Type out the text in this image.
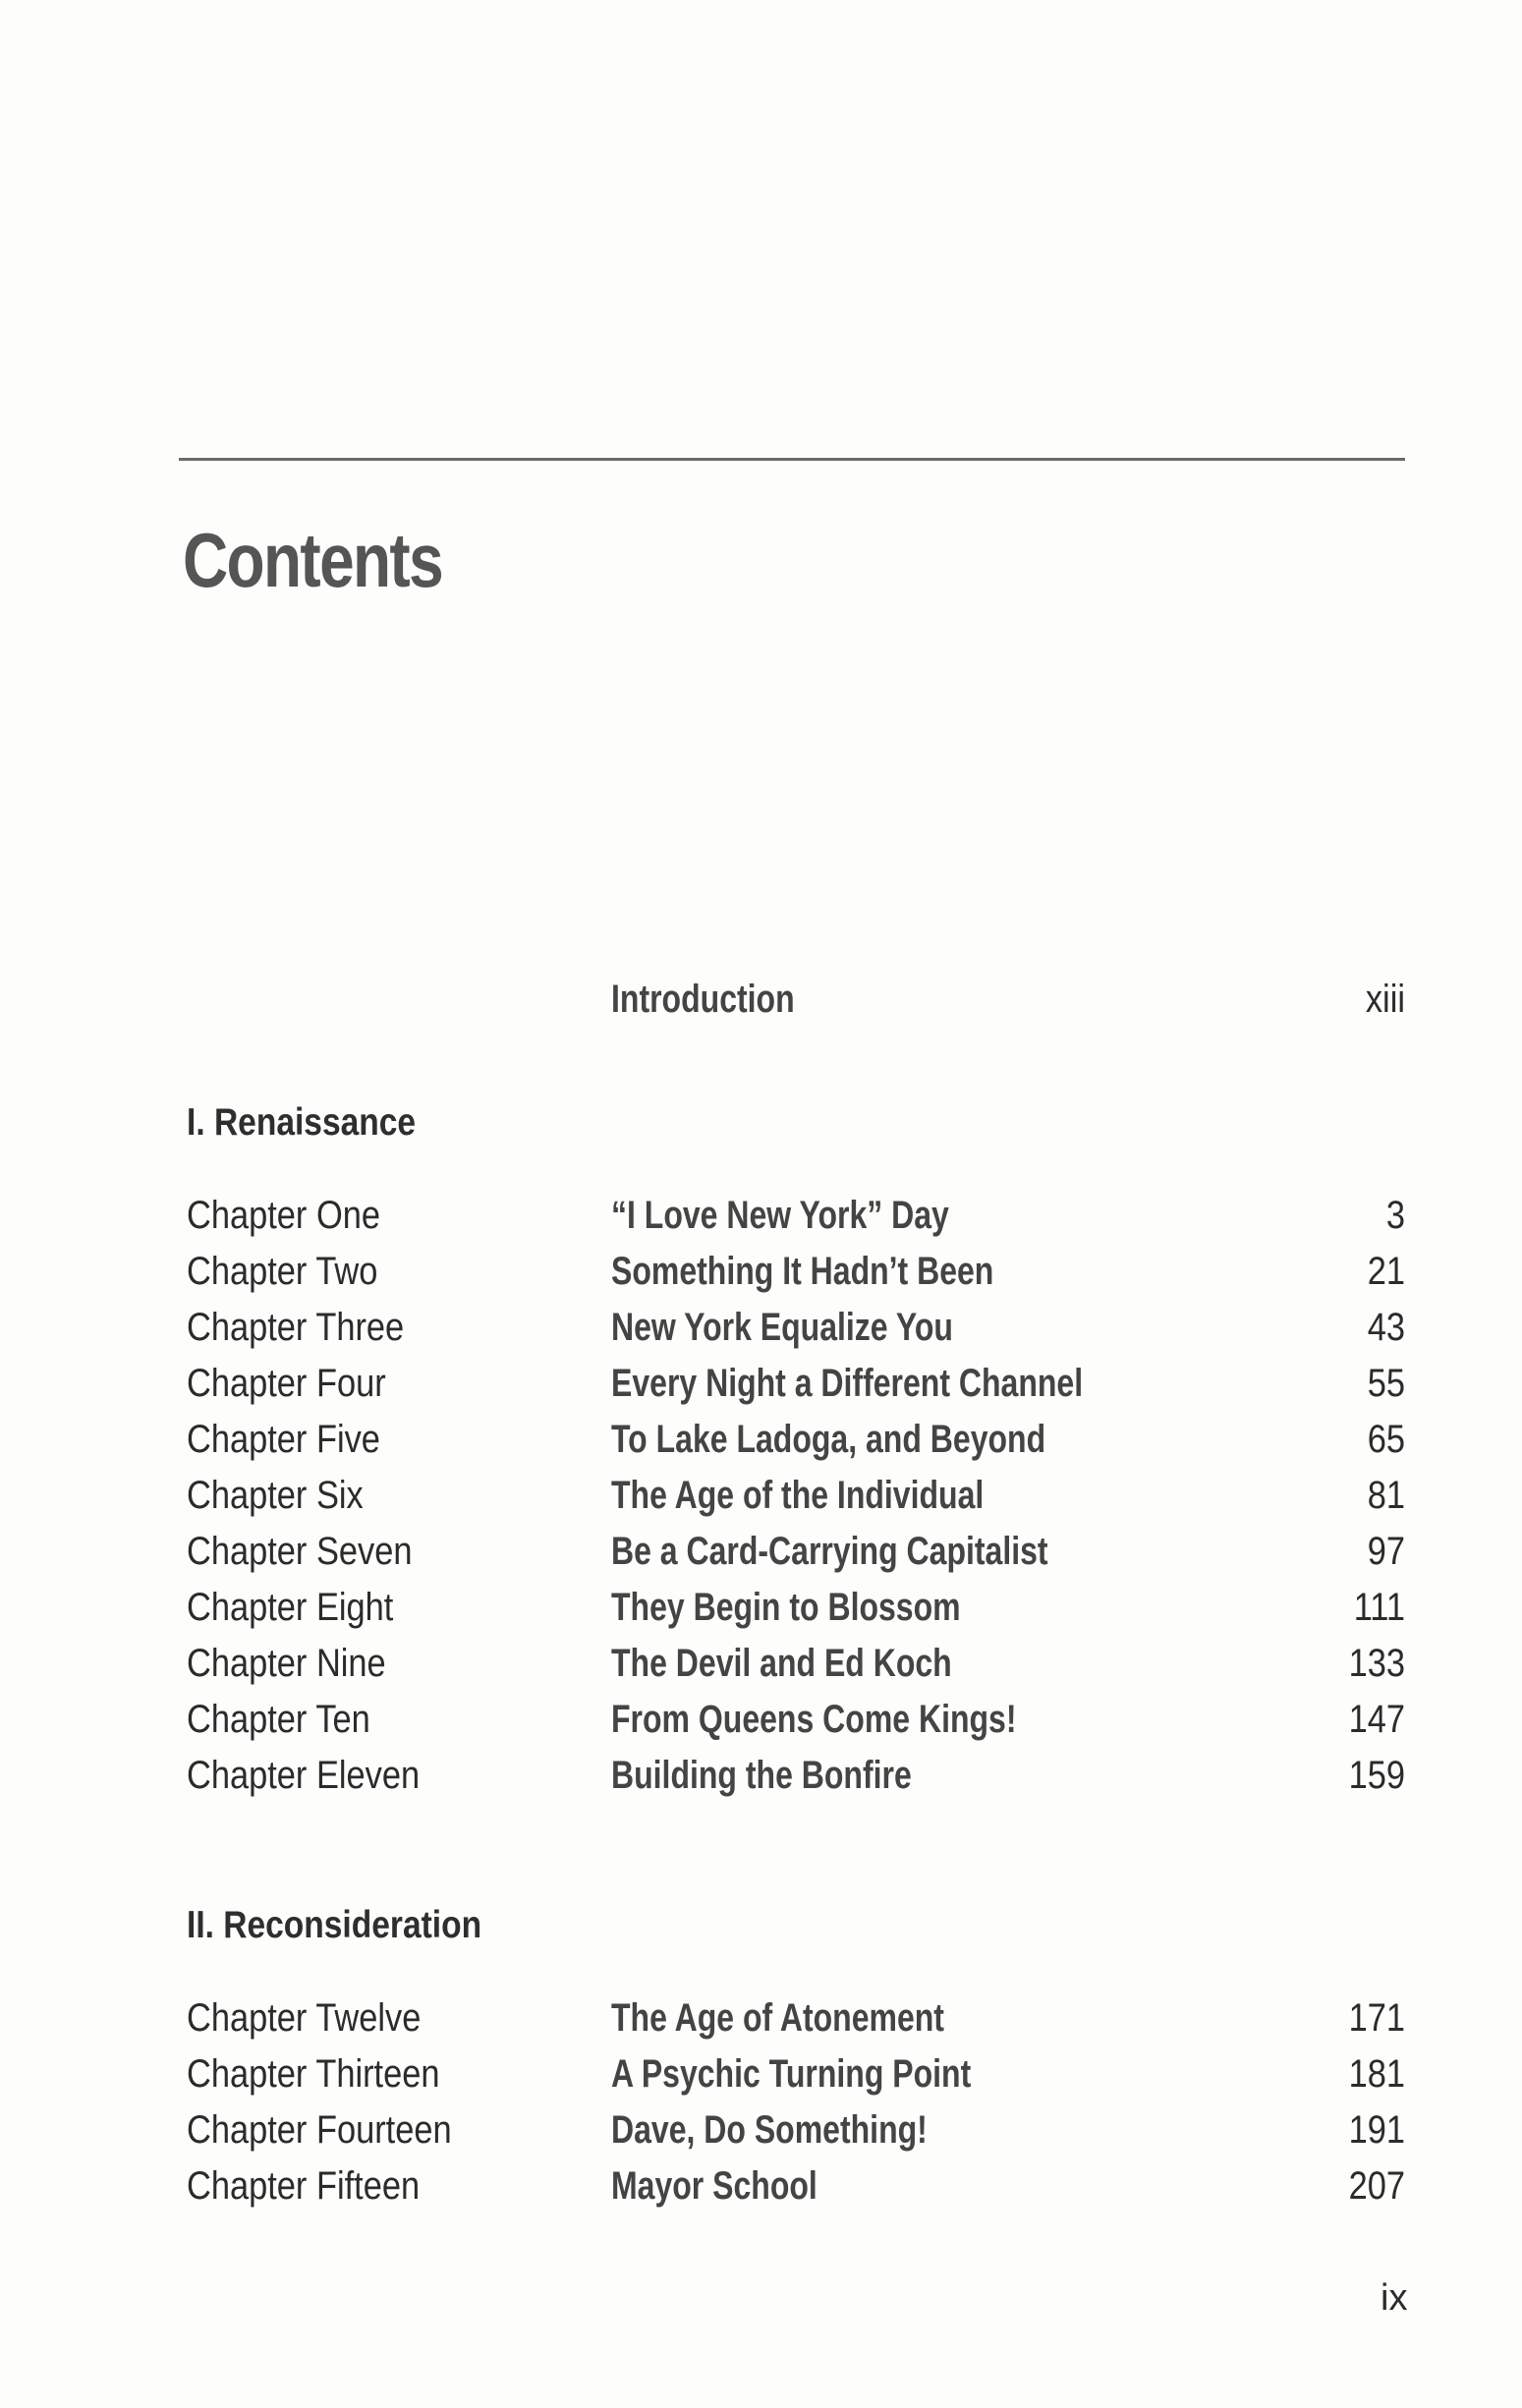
Contents
Introduction	xiii
I. Renaissance
Chapter One	“I Love New York” Day	3
Chapter Two	Something It Hadn’t Been	21
Chapter Three	New York Equalize You	43
Chapter Four	Every Night a Different Channel	55
Chapter Five	To Lake Ladoga, and Beyond	65
Chapter Six	The Age of the Individual	81
Chapter Seven	Be a Card-Carrying Capitalist	97
Chapter Eight	They Begin to Blossom	111
Chapter Nine	The Devil and Ed Koch	133
Chapter Ten	From Queens Come Kings!	147
Chapter Eleven	Building the Bonfire	159
II. Reconsideration
Chapter Twelve	The Age of Atonement	171
Chapter Thirteen	A Psychic Turning Point	181
Chapter Fourteen	Dave, Do Something!	191
Chapter Fifteen	Mayor School	207
ix
